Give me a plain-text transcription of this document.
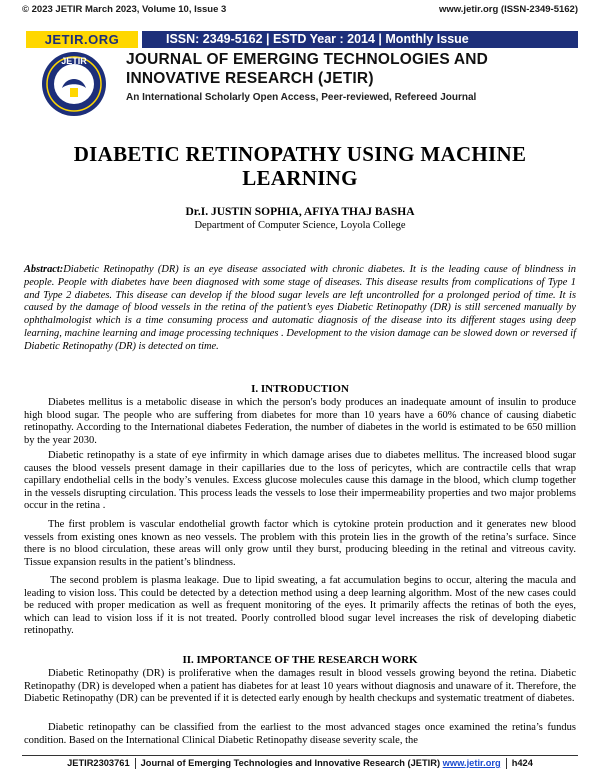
© 2023 JETIR March 2023, Volume 10, Issue 3	www.jetir.org (ISSN-2349-5162)
JETIR.ORG	ISSN: 2349-5162 | ESTD Year : 2014 | Monthly Issue
JETIR	JOURNAL OF EMERGING TECHNOLOGIES AND INNOVATIVE RESEARCH (JETIR)
An International Scholarly Open Access, Peer-reviewed, Refereed Journal
DIABETIC RETINOPATHY USING MACHINE LEARNING
Dr.I. JUSTIN SOPHIA, AFIYA THAJ BASHA
Department of Computer Science, Loyola College
Abstract:Diabetic Retinopathy (DR) is an eye disease associated with chronic diabetes. It is the leading cause of blindness in people. People with diabetes have been diagnosed with some stage of diseases. This disease results from complications of Type 1 and Type 2 diabetes. This disease can develop if the blood sugar levels are left uncontrolled for a prolonged period of time. It is caused by the damage of blood vessels in the retina of the patient’s eyes Diabetic Retinopathy (DR) is still sercened manually by ophthalmologist which is a time consuming process and automatic diagnosis of the disease into its different stages using deep learning, machine learning and image processing techniques . Development to the vision damage can be slowed down or reversed if Diabetic Retinopathy (DR) is detected on time.
I. INTRODUCTION

Diabetes mellitus is a metabolic disease in which the person's body produces an inadequate amount of insulin to produce high blood sugar. The people who are suffering from diabetes for more than 10 years have a 60% chance of causing diabetic retinopathy. According to the International diabetes Federation, the number of diabetes in the world is estimated to be 650 million by the year 2030.

Diabetic retinopathy is a state of eye infirmity in which damage arises due to diabetes mellitus. The increased blood sugar causes the blood vessels present damage in their capillaries due to the loss of pericytes, which are contractile cells that wrap capillary endothelial cells in the body’s venules. Excess glucose molecules cause this damage in the blood, which clump together in the vessels disrupting circulation. This process leads the vessels to lose their impermeability properties and two major problems occur in the retina .

The first problem is vascular endothelial growth factor which is cytokine protein production and it generates new blood vessels from existing ones known as neo vessels. The problem with this protein lies in the growth of the retina’s surface. Since there is no blood circulation, these areas will only grow until they burst, producing bleeding in the retinal and vitreous cavity. Tissue expansion results in the patient’s blindness.

The second problem is plasma leakage. Due to lipid sweating, a fat accumulation begins to occur, altering the macula and leading to vision loss. This could be detected by a detection method using a deep learning algorithm. Most of the new cases could be reduced with proper medication as well as frequent monitoring of the eyes. It primarily affects the retinas of both the eyes, which can lead to vision loss if it is not treated. Poorly controlled blood sugar level increases the risk of developing diabetic retinopathy.

II. IMPORTANCE OF THE RESEARCH WORK

Diabetic Retinopathy (DR) is proliferative when the damages result in blood vessels growing beyond the retina. Diabetic Retinopathy (DR) is developed when a patient has diabetes for at least 10 years without diagnosis and unaware of it. Therefore, the Diabetic Retinopathy (DR) can be prevented if it is detected early enough by health checkups and systematic treatment of diabetes.

Diabetic retinopathy can be classified from the earliest to the most advanced stages once examined the retina’s fundus condition. Based on the International Clinical Diabetic Retinopathy disease severity scale, the

JETIR2303761 Journal of Emerging Technologies and Innovative Research (JETIR) www.jetir.org h424
